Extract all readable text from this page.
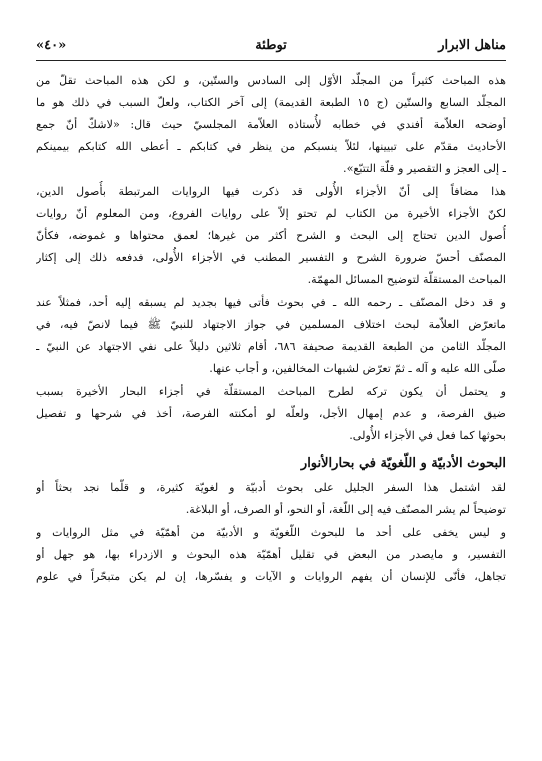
مناهل الابرار
توطئة
«٤٠»
هذه المباحث كثيراً من المجلّد الأوّل إلى السادس والستّين، و لكن هذه المباحث تقلّ من
المجلّد السابع والستّين (ج ١٥ الطبعة القديمة) إلى آخر الكتاب، ولعلّ السبب في ذلك هو ما
أوضحه العلاّمة أفندي في خطابه لأُستاذه العلاّمة المجلسيّ حيث قال: «لاشكّ أنّ جمع
الأحاديث مقدّم على تبيينها، لئلاّ ينسبكم من ينظر في كتابكم ـ أعطى الله كتابكم بيمينكم
ـ إلى العجز و التقصير و قلّة التتبّع».
هذا مضافاً إلى أنّ الأجزاء الأُولى قد ذكرت فيها الروايات المرتبطة بأُصول الدين،
لكنّ الأجزاء الأخيرة من الكتاب لم تحتو إلاّ على روايات الفروع، ومن المعلوم أنّ روايات
أُصول الدين تحتاج إلى البحث و الشرح أكثر من غيرها؛ لعمق محتواها و غموضه، فكأنّ
المصنّف أحسّ ضرورة الشرح و التفسير المطنب في الأجزاء الأُولى، فدفعه ذلك إلى إكثار
المباحث المستقلّة لتوضيح المسائل المهمّة.
و قد دخل المصنّف ـ رحمه الله ـ في بحوث فأتى فيها بجديد لم يسبقه إليه أحد، فمثلاً عند
ماتعرّض العلاّمة لبحث اختلاف المسلمين في جواز الاجتهاد للنبيّ ﷺ فيما لانصّ فيه، في
المجلّد الثامن من الطبعة القديمة صحيفة ٦٨٦، أقام ثلاثين دليلاً على نفي الاجتهاد عن النبيّ ـ
صلّى الله عليه و آله ـ ثمّ تعرّض لشبهات المخالفين، و أجاب عنها.
و يحتمل أن يكون تركه لطرح المباحث المستقلّة في أجزاء البحار الأخيرة بسبب
ضيق الفرصة، و عدم إمهال الأجل، ولعلّه لو أمكنته الفرصة، أخذ في شرحها و تفصيل
بحوثها كما فعل في الأجزاء الأُولى.
البحوث الأدبيّة و اللّغويّة في بحارالأنوار
لقد اشتمل هذا السفر الجليل على بحوث أدبيّة و لغويّة كثيرة، و قلّما نجد بحثاً أو
توضيحاً لم يشر المصنّف فيه إلى اللّغة، أو النحو، أو الصرف، أو البلاغة.
و ليس يخفى على أحد ما للبحوث اللّغويّة و الأدبيّة من أهمّيّة في مثل الروايات و
التفسير، و مايصدر من البعض في تقليل أهمّيّة هذه البحوث و الازدراء بها، هو جهل أو
تجاهل، فأنّى للإنسان أن يفهم الروايات و الآيات و يفسّرها، إن لم يكن متبحّراً في علوم
